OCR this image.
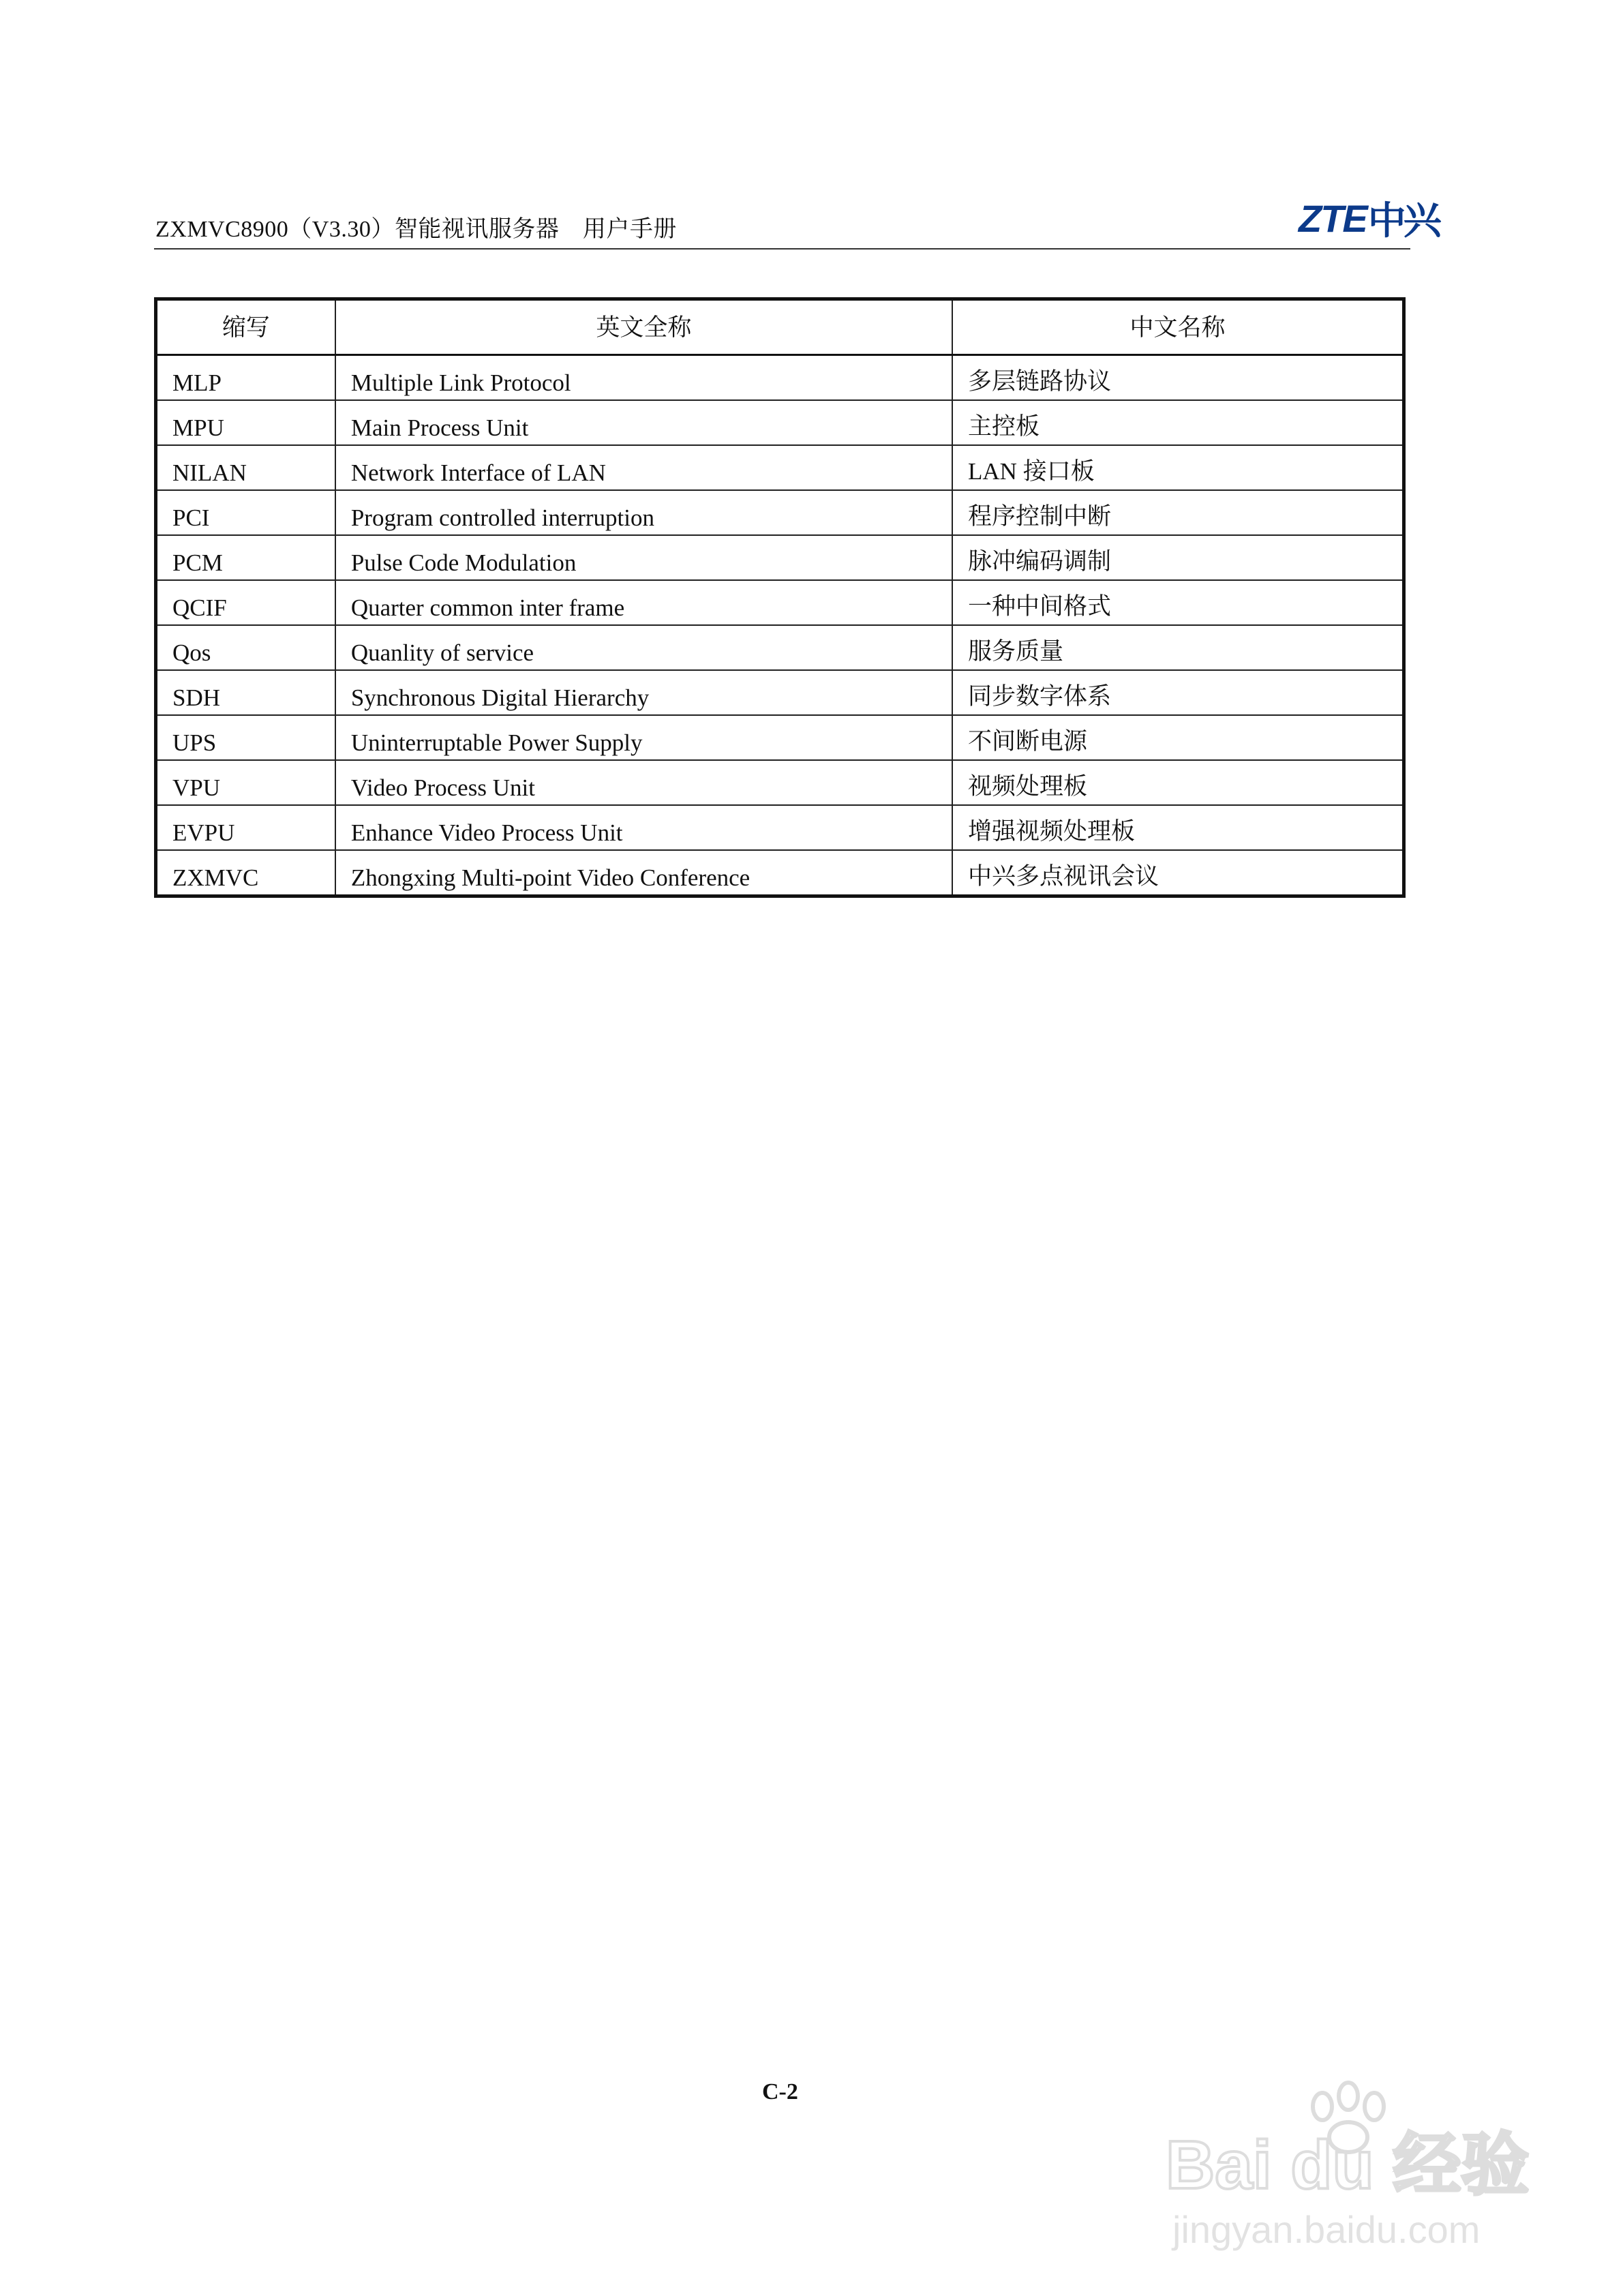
ZXMVC8900（V3.30）智能视讯服务器　用户手册	ZTE 中兴
缩写	英文全称	中文名称
MLP	Multiple Link Protocol	多层链路协议
MPU	Main Process Unit	主控板
NILAN	Network Interface of LAN	LAN 接口板
PCI	Program controlled interruption	程序控制中断
PCM	Pulse Code Modulation	脉冲编码调制
QCIF	Quarter common inter frame	一种中间格式
Qos	Quanlity of service	服务质量
SDH	Synchronous Digital Hierarchy	同步数字体系
UPS	Uninterruptable Power Supply	不间断电源
VPU	Video Process Unit	视频处理板
EVPU	Enhance Video Process Unit	增强视频处理板
ZXMVC	Zhongxing Multi-point Video Conference	中兴多点视讯会议
C-2
Bai du 经验
jingyan.baidu.com
